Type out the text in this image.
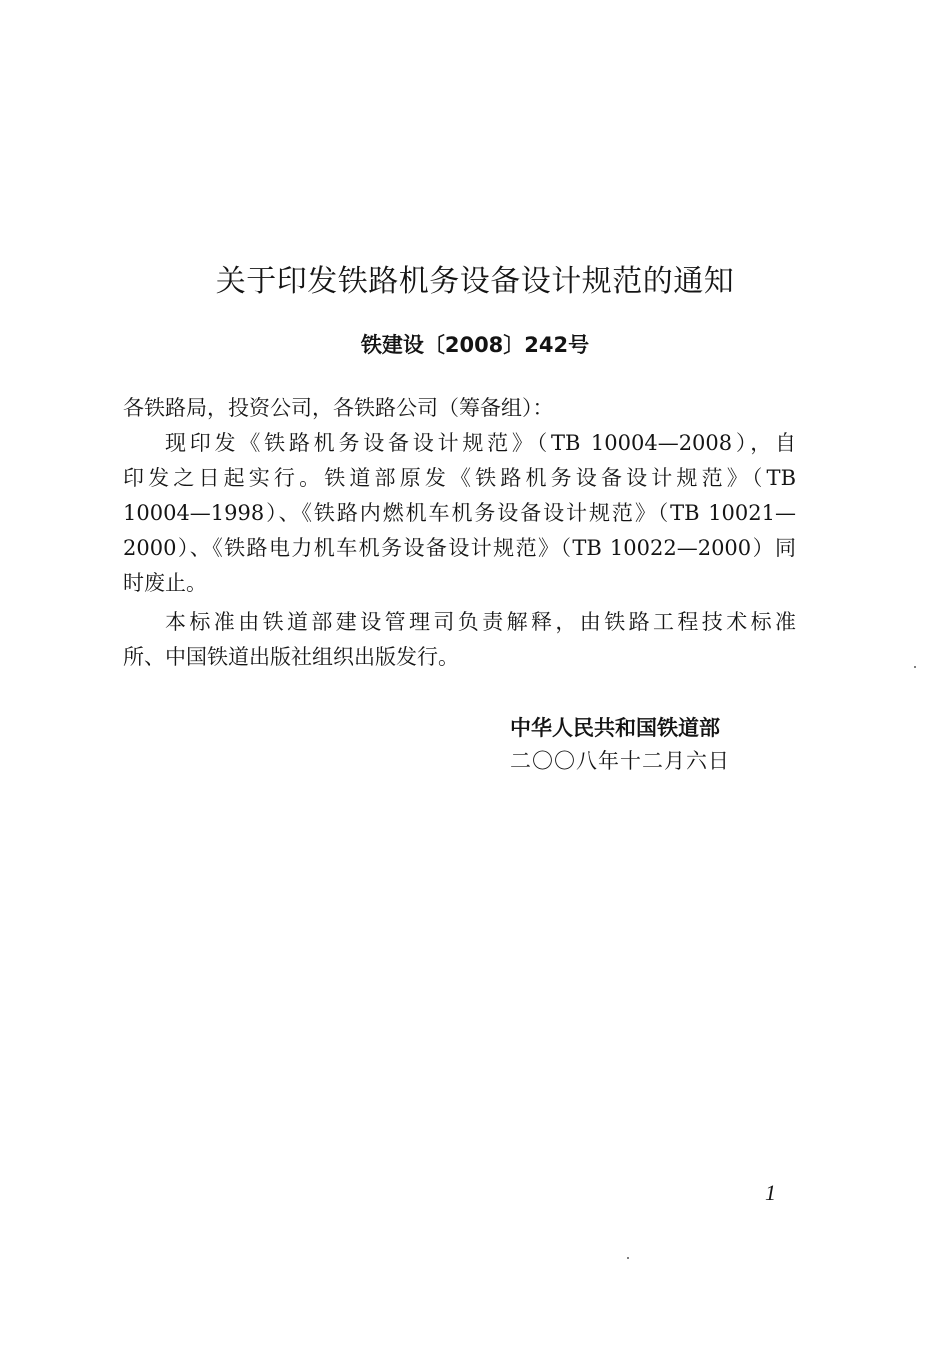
关于印发铁路机务设备设计规范的通知
铁建设〔2008〕242号
各铁路局，投资公司，各铁路公司（筹备组）：
现印发《铁路机务设备设计规范》（TB 10004—2008），自
印发之日起实行。铁道部原发《铁路机务设备设计规范》（TB
10004—1998）、《铁路内燃机车机务设备设计规范》（TB 10021—
2000）、《铁路电力机车机务设备设计规范》（TB 10022—2000）同
时废止。
本标准由铁道部建设管理司负责解释，由铁路工程技术标准
所、中国铁道出版社组织出版发行。
中华人民共和国铁道部
二〇〇八年十二月六日
1
